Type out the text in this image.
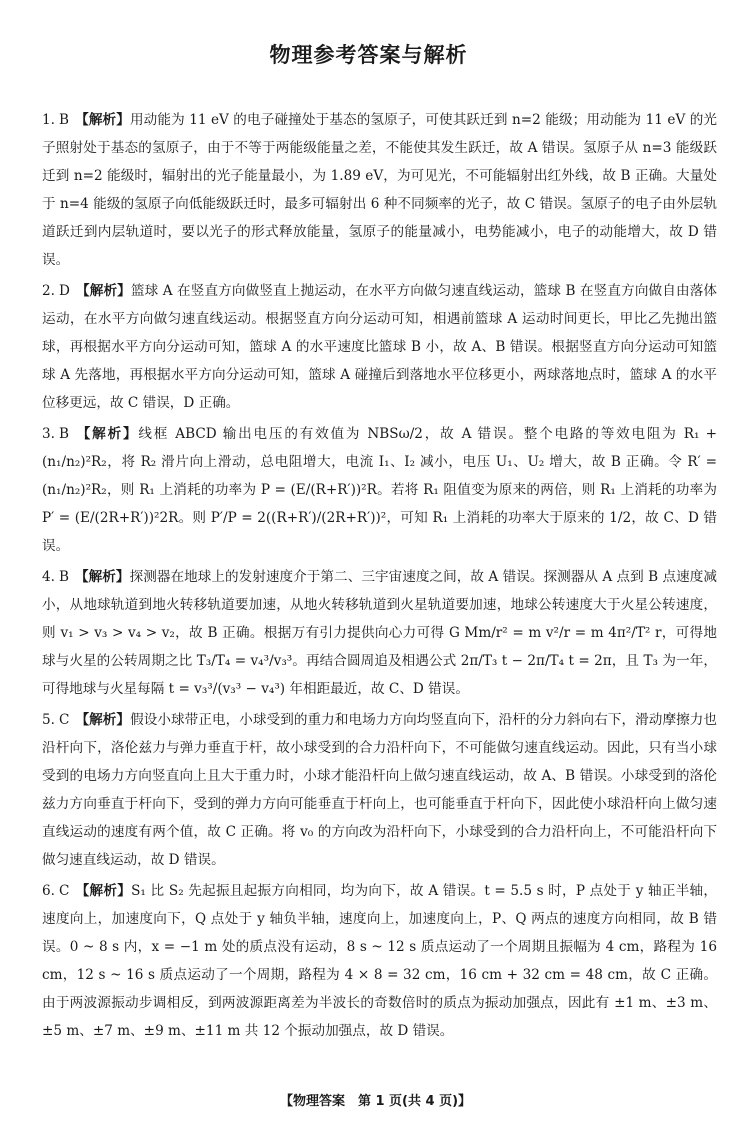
物理参考答案与解析

1. B 【解析】用动能为 11 eV 的电子碰撞处于基态的氢原子，可使其跃迁到 n=2 能级；用动能为 11 eV 的光子照射处于基态的氢原子，由于不等于两能级能量之差，不能使其发生跃迁，故 A 错误。氢原子从 n=3 能级跃迁到 n=2 能级时，辐射出的光子能量最小，为 1.89 eV，为可见光，不可能辐射出红外线，故 B 正确。大量处于 n=4 能级的氢原子向低能级跃迁时，最多可辐射出 6 种不同频率的光子，故 C 错误。氢原子的电子由外层轨道跃迁到内层轨道时，要以光子的形式释放能量，氢原子的能量减小，电势能减小，电子的动能增大，故 D 错误。

2. D 【解析】篮球 A 在竖直方向做竖直上抛运动，在水平方向做匀速直线运动，篮球 B 在竖直方向做自由落体运动，在水平方向做匀速直线运动。根据竖直方向分运动可知，相遇前篮球 A 运动时间更长，甲比乙先抛出篮球，再根据水平方向分运动可知，篮球 A 的水平速度比篮球 B 小，故 A、B 错误。根据竖直方向分运动可知篮球 A 先落地，再根据水平方向分运动可知，篮球 A 碰撞后到落地水平位移更小，两球落地点时，篮球 A 的水平位移更远，故 C 错误，D 正确。

3. B 【解析】线框 ABCD 输出电压的有效值为 NBSω/2，故 A 错误。整个电路的等效电阻为 R₁ + (n₁/n₂)²R₂，将 R₂ 滑片向上滑动，总电阻增大，电流 I₁、I₂ 减小，电压 U₁、U₂ 增大，故 B 正确。令 R′ = (n₁/n₂)²R₂，则 R₁ 上消耗的功率为 P = (E/(R+R′))²R。若将 R₁ 阻值变为原来的两倍，则 R₁ 上消耗的功率为 P′ = (E/(2R+R′))²2R。则 P′/P = 2((R+R′)/(2R+R′))²，可知 R₁ 上消耗的功率大于原来的 1/2，故 C、D 错误。

4. B 【解析】探测器在地球上的发射速度介于第二、三宇宙速度之间，故 A 错误。探测器从 A 点到 B 点速度减小，从地球轨道到地火转移轨道要加速，从地火转移轨道到火星轨道要加速，地球公转速度大于火星公转速度，则 v₁ > v₃ > v₄ > v₂，故 B 正确。根据万有引力提供向心力可得 G Mm/r² = m v²/r = m 4π²/T² r，可得地球与火星的公转周期之比 T₃/T₄ = v₄³/v₃³。再结合圆周追及相遇公式 2π/T₃ t − 2π/T₄ t = 2π，且 T₃ 为一年，可得地球与火星每隔 t = v₃³/(v₃³ − v₄³) 年相距最近，故 C、D 错误。

5. C 【解析】假设小球带正电，小球受到的重力和电场力方向均竖直向下，沿杆的分力斜向右下，滑动摩擦力也沿杆向下，洛伦兹力与弹力垂直于杆，故小球受到的合力沿杆向下，不可能做匀速直线运动。因此，只有当小球受到的电场力方向竖直向上且大于重力时，小球才能沿杆向上做匀速直线运动，故 A、B 错误。小球受到的洛伦兹力方向垂直于杆向下，受到的弹力方向可能垂直于杆向上，也可能垂直于杆向下，因此使小球沿杆向上做匀速直线运动的速度有两个值，故 C 正确。将 v₀ 的方向改为沿杆向下，小球受到的合力沿杆向上，不可能沿杆向下做匀速直线运动，故 D 错误。

6. C 【解析】S₁ 比 S₂ 先起振且起振方向相同，均为向下，故 A 错误。t = 5.5 s 时，P 点处于 y 轴正半轴，速度向上，加速度向下，Q 点处于 y 轴负半轴，速度向上，加速度向上，P、Q 两点的速度方向相同，故 B 错误。0 ~ 8 s 内，x = −1 m 处的质点没有运动，8 s ~ 12 s 质点运动了一个周期且振幅为 4 cm，路程为 16 cm，12 s ~ 16 s 质点运动了一个周期，路程为 4 × 8 = 32 cm，16 cm + 32 cm = 48 cm，故 C 正确。由于两波源振动步调相反，到两波源距离差为半波长的奇数倍时的质点为振动加强点，因此有 ±1 m、±3 m、±5 m、±7 m、±9 m、±11 m 共 12 个振动加强点，故 D 错误。

【物理答案　第 1 页(共 4 页)】
